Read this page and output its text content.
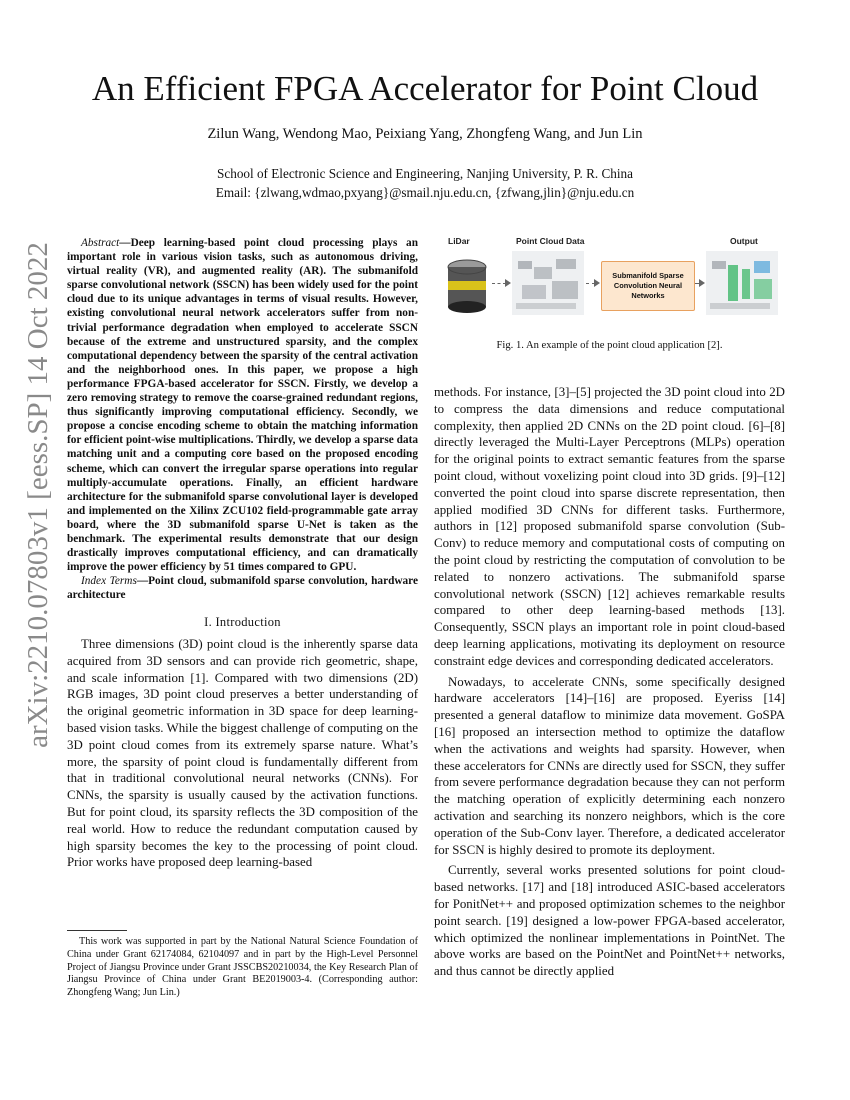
arXiv:2210.07803v1 [eess.SP] 14 Oct 2022
An Efficient FPGA Accelerator for Point Cloud
Zilun Wang, Wendong Mao, Peixiang Yang, Zhongfeng Wang, and Jun Lin
School of Electronic Science and Engineering, Nanjing University, P. R. China
Email: {zlwang,wdmao,pxyang}@smail.nju.edu.cn, {zfwang,jlin}@nju.edu.cn

Abstract—Deep learning-based point cloud processing plays an important role in various vision tasks, such as autonomous driving, virtual reality (VR), and augmented reality (AR). The submanifold sparse convolutional network (SSCN) has been widely used for the point cloud due to its unique advantages in terms of visual results. However, existing convolutional neural network accelerators suffer from non-trivial performance degradation when employed to accelerate SSCN because of the extreme and unstructured sparsity, and the complex computational dependency between the sparsity of the central activation and the neighborhood ones. In this paper, we propose a high performance FPGA-based accelerator for SSCN. Firstly, we develop a zero removing strategy to remove the coarse-grained redundant regions, thus significantly improving computational efficiency. Secondly, we propose a concise encoding scheme to obtain the matching information for efficient point-wise multiplications. Thirdly, we develop a sparse data matching unit and a computing core based on the proposed encoding scheme, which can convert the irregular sparse operations into regular multiply-accumulate operations. Finally, an efficient hardware architecture for the submanifold sparse convolutional layer is developed and implemented on the Xilinx ZCU102 field-programmable gate array board, where the 3D submanifold sparse U-Net is taken as the benchmark. The experimental results demonstrate that our design drastically improves computational efficiency, and can dramatically improve the power efficiency by 51 times compared to GPU.

Index Terms—Point cloud, submanifold sparse convolution, hardware architecture

I. Introduction

Three dimensions (3D) point cloud is the inherently sparse data acquired from 3D sensors and can provide rich geometric, shape, and scale information [1]. Compared with two dimensions (2D) RGB images, 3D point cloud preserves a better understanding of the original geometric information in 3D space for deep learning-based vision tasks. While the biggest challenge of computing on the 3D point cloud comes from its extremely sparse nature. What’s more, the sparsity of point cloud is fundamentally different from that in traditional convolutional neural networks (CNNs). For CNNs, the sparsity is usually caused by the activation functions. But for point cloud, its sparsity reflects the 3D composition of the real world. How to reduce the redundant computation caused by high sparsity becomes the key to the processing of point cloud. Prior works have proposed deep learning-based

This work was supported in part by the National Natural Science Foundation of China under Grant 62174084, 62104097 and in part by the High-Level Personnel Project of Jiangsu Province under Grant JSSCBS20210034, the Key Research Plan of Jiangsu Province of China under Grant BE2019003-4. (Corresponding author: Zhongfeng Wang; Jun Lin.)
LiDar	Point Cloud Data	Output
Submanifold Sparse Convolution Neural Networks
Fig. 1. An example of the point cloud application [2].

methods. For instance, [3]–[5] projected the 3D point cloud into 2D to compress the data dimensions and reduce computational complexity, then applied 2D CNNs on the 2D point cloud. [6]–[8] directly leveraged the Multi-Layer Perceptrons (MLPs) operation for the original points to extract semantic features from the sparse point cloud, without voxelizing point cloud into 3D grids. [9]–[12] converted the point cloud into sparse discrete representation, then applied modified 3D CNNs for different tasks. Furthermore, authors in [12] proposed submanifold sparse convolution (Sub-Conv) to reduce memory and computational costs of computing on the point cloud by restricting the computation of convolution to be related to nonzero activations. The submanifold sparse convolutional network (SSCN) [12] achieves remarkable results compared to other deep learning-based methods [13]. Consequently, SSCN plays an important role in point cloud-based deep learning applications, motivating its deployment on resource constraint edge devices and corresponding dedicated accelerators.

Nowadays, to accelerate CNNs, some specifically designed hardware accelerators [14]–[16] are proposed. Eyeriss [14] presented a general dataflow to minimize data movement. GoSPA [16] proposed an intersection method to optimize the dataflow when the activations and weights had sparsity. However, when these accelerators for CNNs are directly used for SSCN, they suffer from severe performance degradation because they can not perform the matching operation of explicitly determining each nonzero activation and searching its nonzero neighbors, which is the core operation of the Sub-Conv layer. Therefore, a dedicated accelerator for SSCN is highly desired to promote its deployment.

Currently, several works presented solutions for point cloud-based networks. [17] and [18] introduced ASIC-based accelerators for PonitNet++ and proposed optimization schemes to the neighbor point search. [19] designed a low-power FPGA-based accelerator, which optimized the nonlinear implementations in PointNet. The above works are based on the PointNet and PointNet++ networks, and thus cannot be directly applied
